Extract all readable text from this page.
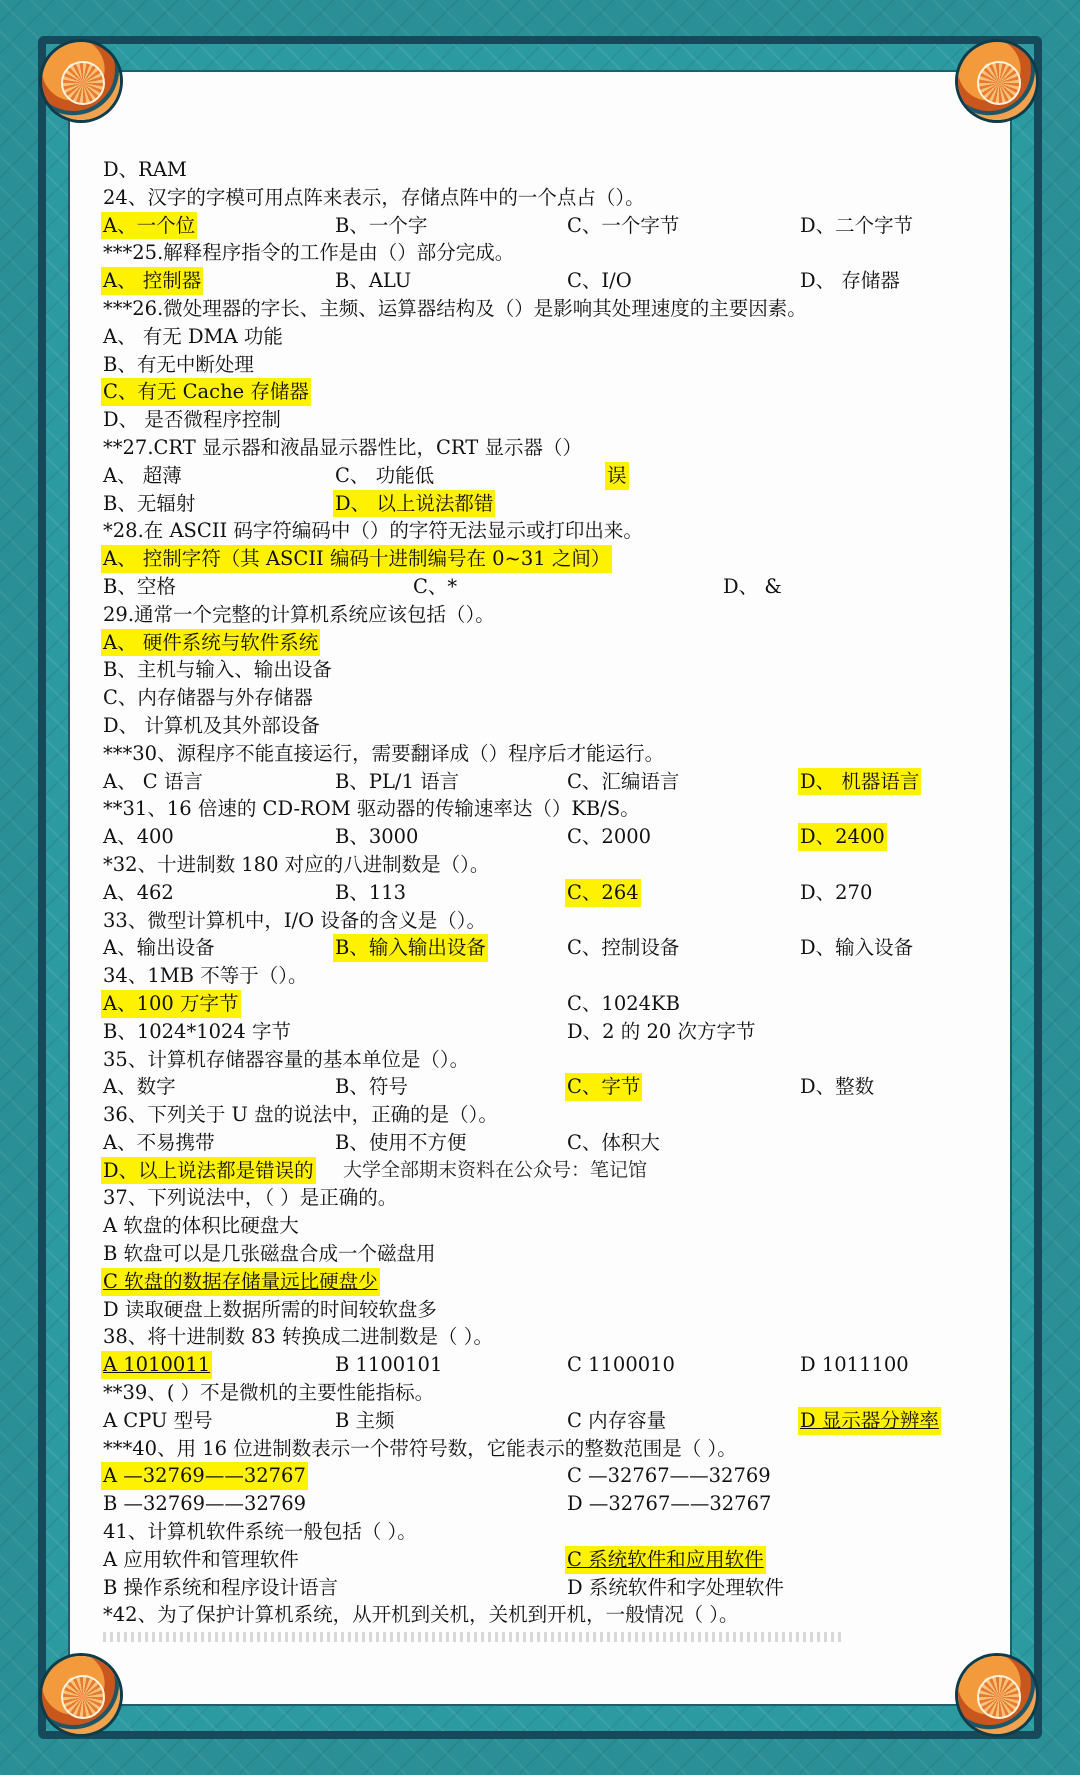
D、RAM
24、汉字的字模可用点阵来表示，存储点阵中的一个点占（）。
A、一个位	B、一个字	C、一个字节	D、二个字节
***25.解释程序指令的工作是由（）部分完成。
A、 控制器	B、ALU	C、I/O	D、 存储器
***26.微处理器的字长、主频、运算器结构及（）是影响其处理速度的主要因素。
A、 有无 DMA 功能
B、有无中断处理
C、有无 Cache 存储器
D、 是否微程序控制
**27.CRT 显示器和液晶显示器性比，CRT 显示器（）
A、 超薄	C、 功能低	误
B、无辐射	D、 以上说法都错
*28.在 ASCII 码字符编码中（）的字符无法显示或打印出来。
A、 控制字符（其 ASCII 编码十进制编号在 0~31 之间）
B、空格	C、*	D、 &
29.通常一个完整的计算机系统应该包括（）。
A、 硬件系统与软件系统
B、主机与输入、输出设备
C、内存储器与外存储器
D、 计算机及其外部设备
***30、源程序不能直接运行，需要翻译成（）程序后才能运行。
A、 C 语言	B、PL/1 语言	C、汇编语言	D、 机器语言
**31、16 倍速的 CD-ROM 驱动器的传输速率达（）KB/S。
A、400	B、3000	C、2000	D、2400
*32、十进制数 180 对应的八进制数是（）。
A、462	B、113	C、264	D、270
33、微型计算机中，I/O 设备的含义是（）。
A、输出设备	B、输入输出设备	C、控制设备	D、输入设备
34、1MB 不等于（）。
A、100 万字节	C、1024KB
B、1024*1024 字节	D、2 的 20 次方字节
35、计算机存储器容量的基本单位是（）。
A、数字	B、符号	C、字节	D、整数
36、下列关于 U 盘的说法中，正确的是（）。
A、不易携带	B、使用不方便	C、体积大
D、以上说法都是错误的 大学全部期末资料在公众号：笔记馆
37、下列说法中，（ ）是正确的。
A 软盘的体积比硬盘大
B 软盘可以是几张磁盘合成一个磁盘用
C 软盘的数据存储量远比硬盘少
D 读取硬盘上数据所需的时间较软盘多
38、将十进制数 83 转换成二进制数是（ ）。
A 1010011	B 1100101	C 1100010	D 1011100
**39、( ）不是微机的主要性能指标。
A CPU 型号	B 主频	C 内存容量	D 显示器分辨率
***40、用 16 位进制数表示一个带符号数，它能表示的整数范围是（ ）。
A —32769——32767	C —32767——32769
B —32769——32769	D —32767——32767
41、计算机软件系统一般包括（ ）。
A 应用软件和管理软件	C 系统软件和应用软件
B 操作系统和程序设计语言	D 系统软件和字处理软件
*42、为了保护计算机系统，从开机到关机，关机到开机，一般情况（ ）。
